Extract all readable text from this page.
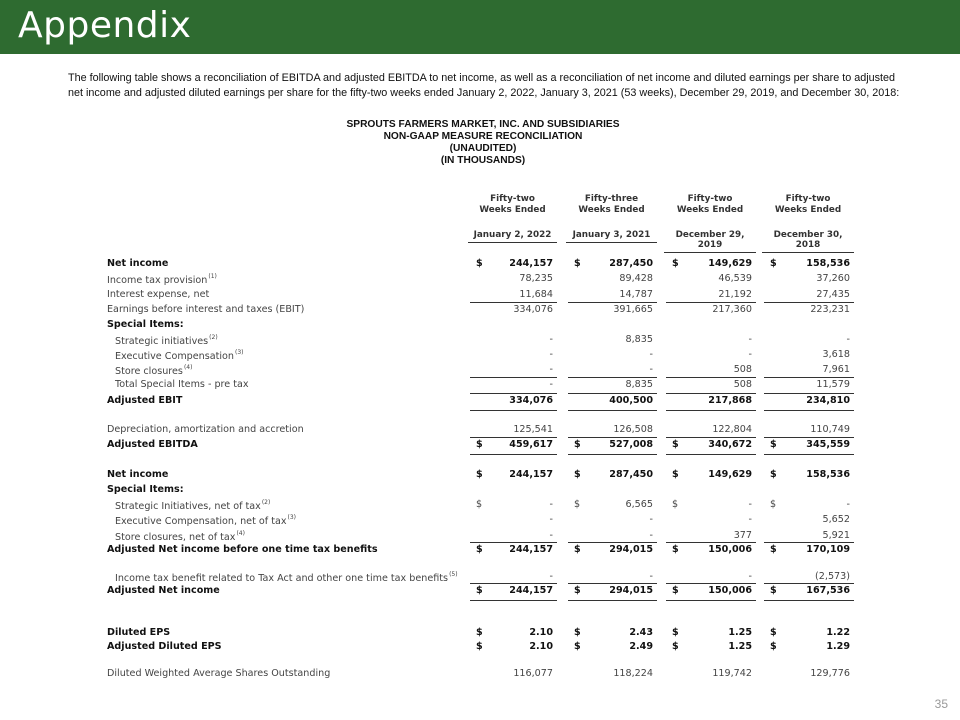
Appendix
The following table shows a reconciliation of EBITDA and adjusted EBITDA to net income, as well as a reconciliation of net income and diluted earnings per share to adjusted net income and adjusted diluted earnings per share for the fifty-two weeks ended January 2, 2022, January 3, 2021 (53 weeks), December 29, 2019, and December 30, 2018:
SPROUTS FARMERS MARKET, INC. AND SUBSIDIARIES
NON-GAAP MEASURE RECONCILIATION
(UNAUDITED)
(IN THOUSANDS)
Fifty-two
Weeks Ended
January 2, 2022
Fifty-three
Weeks Ended
January 3, 2021
Fifty-two
Weeks Ended
December 29, 2019
Fifty-two
Weeks Ended
December 30, 2018
Net income	$	244,157 $	287,450 $	149,629 $	158,536
Income tax provision$^{(1)}$	78,235	89,428	46,539	37,260
Interest expense, net	11,684	14,787	21,192	27,435
Earnings before interest and taxes (EBIT)	334,076	391,665	217,360	223,231
Special Items:
Strategic initiatives$^{(2)}$	-	8,835	-	-
Executive Compensation$^{(3)}$	-	-	-	3,618
Store closures$^{(4)}$	-	-	508	7,961
Total Special Items - pre tax	-	8,835	508	11,579
Adjusted EBIT	334,076	400,500	217,868	234,810
Depreciation, amortization and accretion	125,541	126,508	122,804	110,749
Adjusted EBITDA	$	459,617 $	527,008 $	340,672 $	345,559
Net income	$	244,157 $	287,450 $	149,629 $	158,536
Special Items:
Strategic Initiatives, net of tax$^{(2)}$	$	- $	6,565 $	- $	-
Executive Compensation, net of tax$^{(3)}$	-	-	-	5,652
Store closures, net of tax$^{(4)}$	-	-	377	5,921
Adjusted Net income before one time tax benefits	$	244,157 $	294,015 $	150,006 $	170,109
Income tax benefit related to Tax Act and other one time tax benefits$^{(5)}$	-	-	-	(2,573)
Adjusted Net income	$	244,157 $	294,015 $	150,006 $	167,536
Diluted EPS	$	2.10 $	2.43 $	1.25 $	1.22
Adjusted Diluted EPS	$	2.10 $	2.49 $	1.25 $	1.29
Diluted Weighted Average Shares Outstanding	116,077	118,224	119,742	129,776
35
